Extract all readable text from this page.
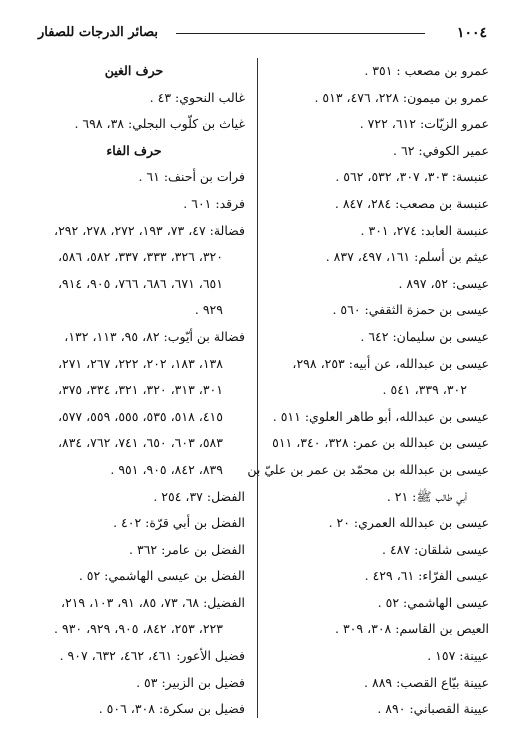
بصائر الدرجات للصفار	١٠٠٤
عمرو بن مصعب : ٣٥١ .
عمرو بن ميمون: ٢٢٨، ٤٧٦، ٥١٣ .
عمرو الزيّات: ٦١٢، ٧٢٢ .
عمير الكوفي: ٦٢ .
عنبسة: ٣٠٣، ٣٠٧، ٥٣٢، ٥٦٢ .
عنبسة بن مصعب: ٢٨٤، ٨٤٧ .
عنبسة العابد: ٢٧٤، ٣٠١ .
عيثم بن أسلم: ١٦١، ٤٩٧، ٨٣٧ .
عيسى: ٥٢، ٨٩٧ .
عيسى بن حمزة الثقفي: ٥٦٠ .
عيسى بن سليمان: ٦٤٢ .
عيسى بن عبدالله، عن أبيه: ٢٥٣، ٢٩٨،
٣٠٢، ٣٣٩، ٥٤١ .
عيسى بن عبدالله، أبو طاهر العلوي: ٥١١ .
عيسى بن عبدالله بن عمر: ٣٢٨، ٣٤٠، ٥١١
عيسى بن عبدالله بن محمّد بن عمر بن عليّ بن
أبي طالب ﷺ: ٢١ .
عيسى بن عبدالله العمري: ٢٠ .
عيسى شلقان: ٤٨٧ .
عيسى الفرّاء: ٦١، ٤٢٩ .
عيسى الهاشمي: ٥٢ .
العيص بن القاسم: ٣٠٨، ٣٠٩ .
عيينة: ١٥٧ .
عيينة بيّاع القصب: ٨٨٩ .
عيينة القصباني: ٨٩٠ .
حرف الغين
غالب النحوي: ٤٣ .
غياث بن كلّوب البجلي: ٣٨، ٦٩٨ .
حرف الفاء
فرات بن أحنف: ٦١ .
فرقد: ٦٠١ .
فضالة: ٤٧، ٧٣، ١٩٣، ٢٧٢، ٢٧٨، ٢٩٢،
٣٢٠، ٣٢٦، ٣٣٣، ٣٣٧، ٥٨٢، ٥٨٦،
٦٥١، ٦٧١، ٦٨٦، ٧٦٦، ٩٠٥، ٩١٤،
٩٢٩ .
فضالة بن أيّوب: ٨٢، ٩٥، ١١٣، ١٣٢،
١٣٨، ١٨٣، ٢٠٢، ٢٢٢، ٢٦٧، ٢٧١،
٣٠١، ٣١٣، ٣٢٠، ٣٢١، ٣٣٤، ٣٧٥،
٤١٥، ٥١٨، ٥٣٥، ٥٥٥، ٥٥٩، ٥٧٧،
٥٨٣، ٦٠٣، ٦٥٠، ٧٤١، ٧٦٢، ٨٣٤،
٨٣٩، ٨٤٢، ٩٠٥، ٩٥١ .
الفضل: ٣٧، ٢٥٤ .
الفضل بن أبي قرّة: ٤٠٢ .
الفضل بن عامر: ٣٦٢ .
الفضل بن عيسى الهاشمي: ٥٢ .
الفضيل: ٦٨، ٧٣، ٨٥، ٩١، ١٠٣، ٢١٩،
٢٢٣، ٢٥٣، ٨٤٢، ٩٠٥، ٩٢٩، ٩٣٠ .
فضيل الأعور: ٤٦١، ٤٦٢، ٦٣٢، ٩٠٧ .
فضيل بن الزبير: ٥٣ .
فضيل بن سكرة: ٣٠٨، ٥٠٦ .
